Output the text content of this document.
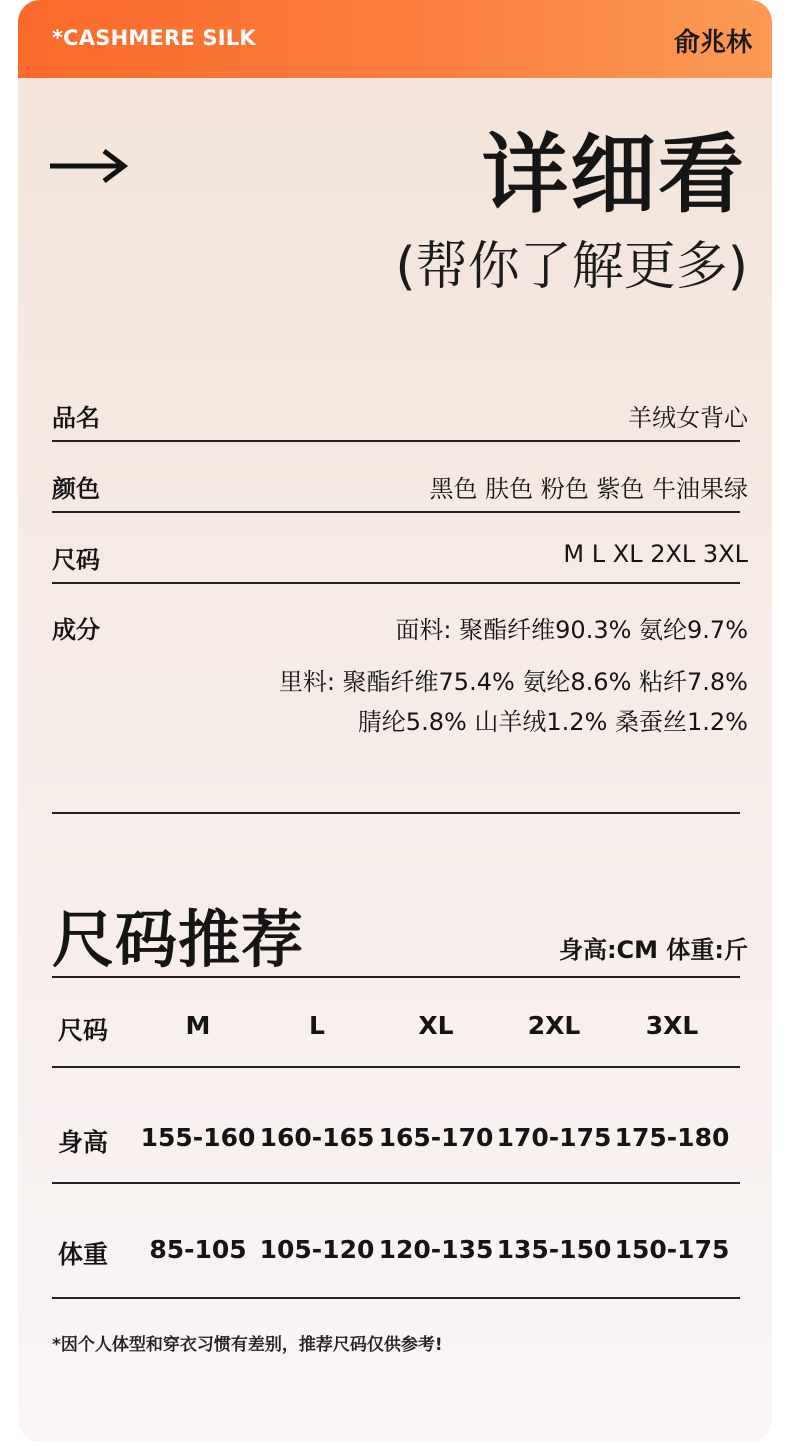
*CASHMERE SILK	俞兆林
详细看
(帮你了解更多)
品名	羊绒女背心
颜色	黑色 肤色 粉色 紫色 牛油果绿
尺码	M L XL 2XL 3XL
成分	面料: 聚酯纤维90.3% 氨纶9.7%
里料: 聚酯纤维75.4% 氨纶8.6% 粘纤7.8%
腈纶5.8% 山羊绒1.2% 桑蚕丝1.2%
尺码推荐	身高:CM 体重:斤
尺码	M	L	XL	2XL	3XL
身高 155-160 160-165 165-170 170-175 175-180
体重	85-105 105-120 120-135 135-150 150-175
*因个人体型和穿衣习惯有差别，推荐尺码仅供参考!
